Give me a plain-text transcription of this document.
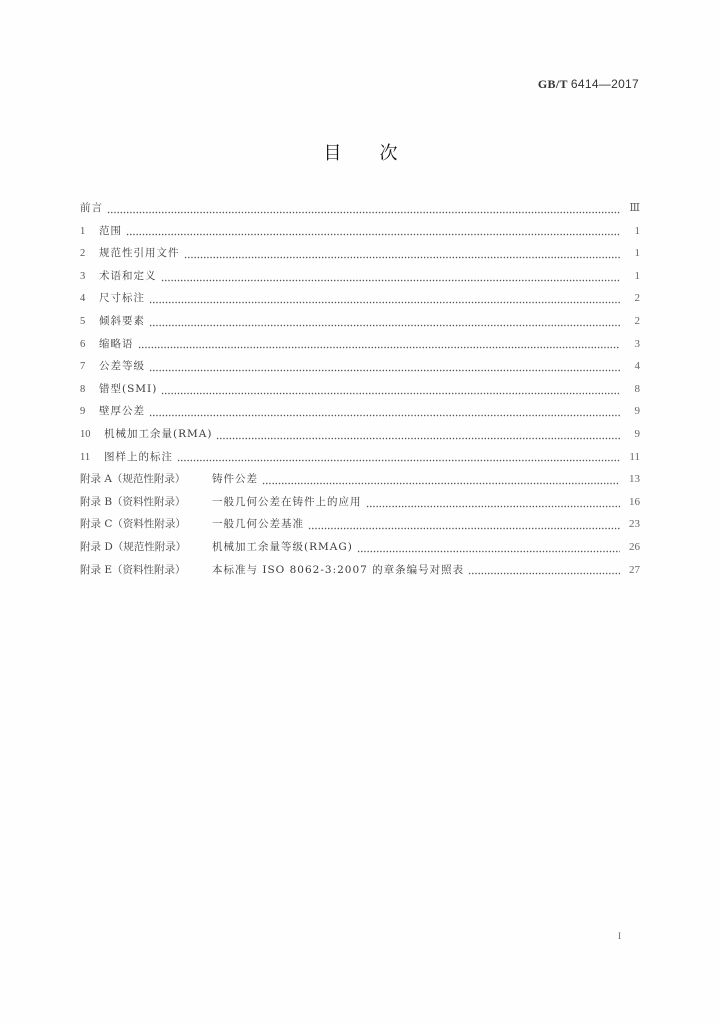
GB/T 6414—2017
目 次
前言	Ⅲ
1	范围	1
2	规范性引用文件	1
3	术语和定义	1
4	尺寸标注	2
5	倾斜要素	2
6	缩略语	3
7	公差等级	4
8	错型(SMI)	8
9	壁厚公差	9
10	机械加工余量(RMA)	9
11	图样上的标注	11
附录 A（规范性附录）	铸件公差	13
附录 B（资料性附录）	一般几何公差在铸件上的应用	16
附录 C（资料性附录）	一般几何公差基准	23
附录 D（规范性附录）	机械加工余量等级(RMAG)	26
附录 E（资料性附录）	本标准与 ISO 8062-3:2007 的章条编号对照表	27
I
